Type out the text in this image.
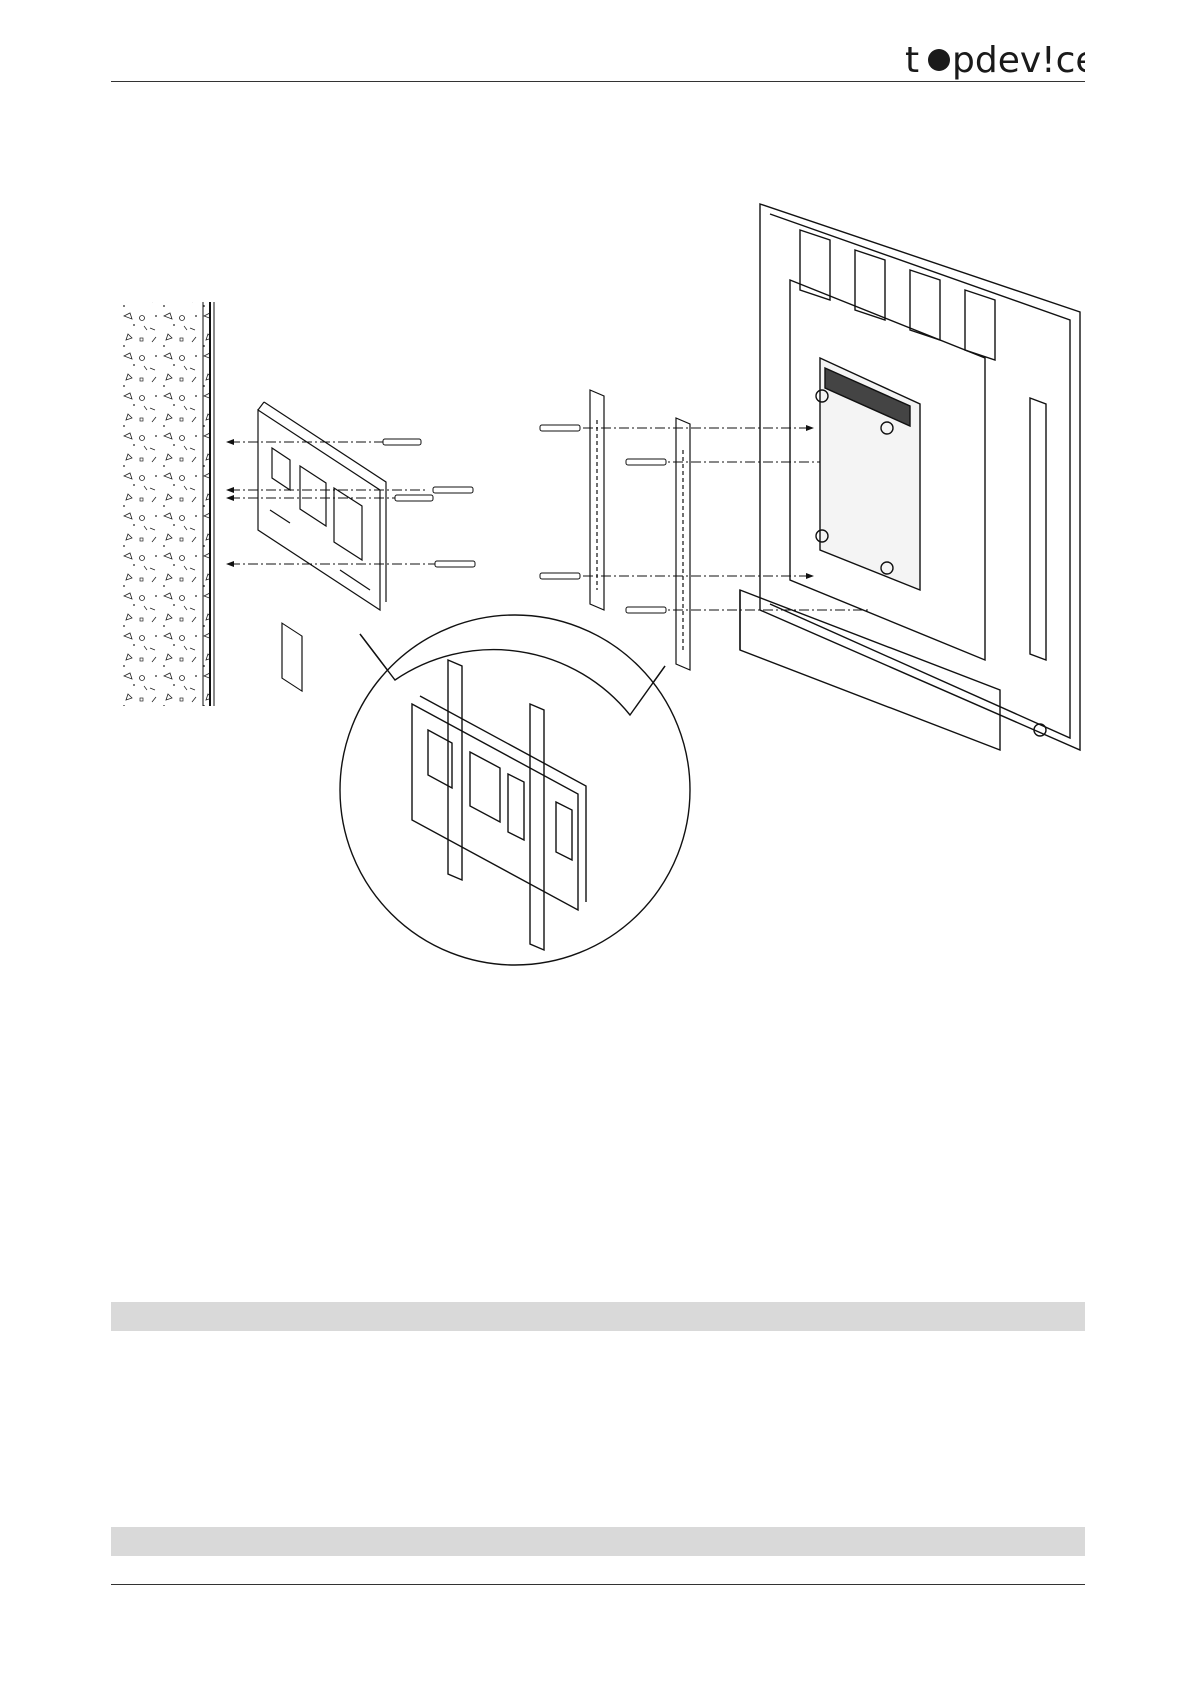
t pdev!ce
